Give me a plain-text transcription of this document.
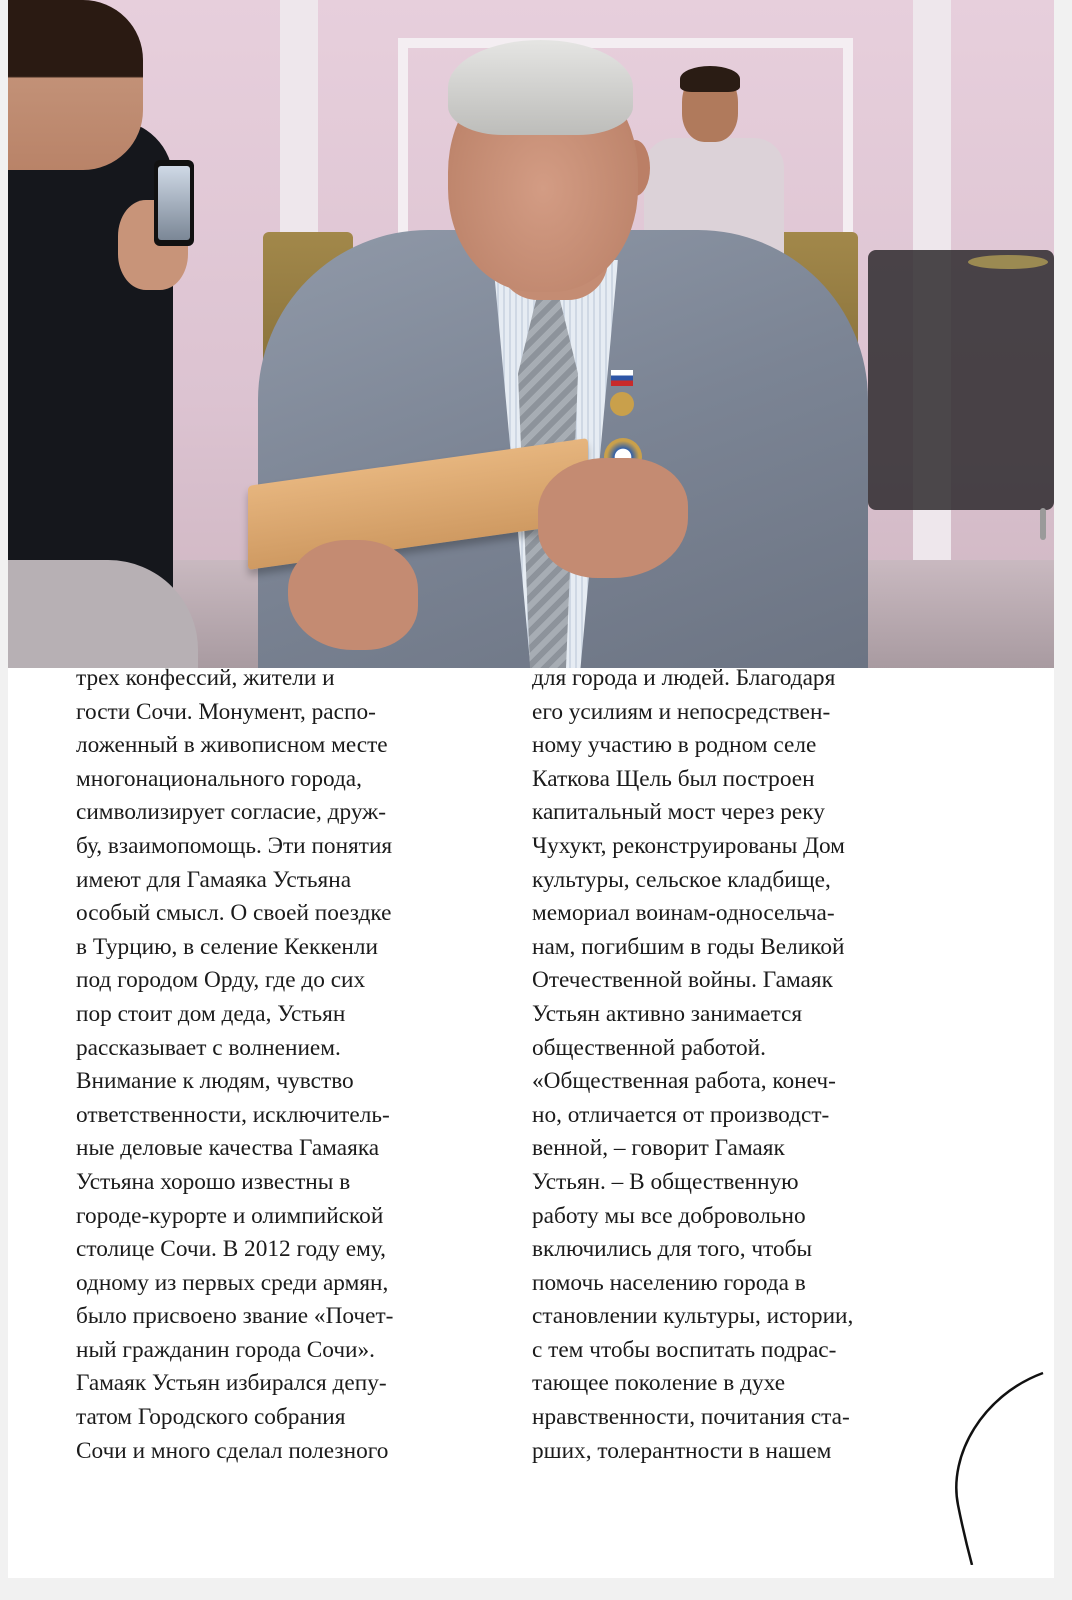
трех конфессий, жители и
гости Сочи. Монумент, распо-
ложенный в живописном месте
многонационального города,
символизирует согласие, друж-
бу, взаимопомощь. Эти понятия
имеют для Гамаяка Устьяна
особый смысл. О своей поездке
в Турцию, в селение Кеккенли
под городом Орду, где до сих
пор стоит дом деда, Устьян
рассказывает с волнением.
Внимание к людям, чувство
ответственности, исключитель-
ные деловые качества Гамаяка
Устьяна хорошо известны в
городе-курорте и олимпийской
столице Сочи. В 2012 году ему,
одному из первых среди армян,
было присвоено звание «Почет-
ный гражданин города Сочи».
Гамаяк Устьян избирался депу-
татом Городского собрания
Сочи и много сделал полезного
для города и людей. Благодаря
его усилиям и непосредствен-
ному участию в родном селе
Каткова Щель был построен
капитальный мост через реку
Чухукт, реконструированы Дом
культуры, сельское кладбище,
мемориал воинам-односельча-
нам, погибшим в годы Великой
Отечественной войны. Гамаяк
Устьян активно занимается
общественной работой.
«Общественная работа, конеч-
но, отличается от производст-
венной, – говорит Гамаяк
Устьян. – В общественную
работу мы все добровольно
включились для того, чтобы
помочь населению города в
становлении культуры, истории,
с тем чтобы воспитать подрас-
тающее поколение в духе
нравственности, почитания ста-
рших, толерантности в нашем
